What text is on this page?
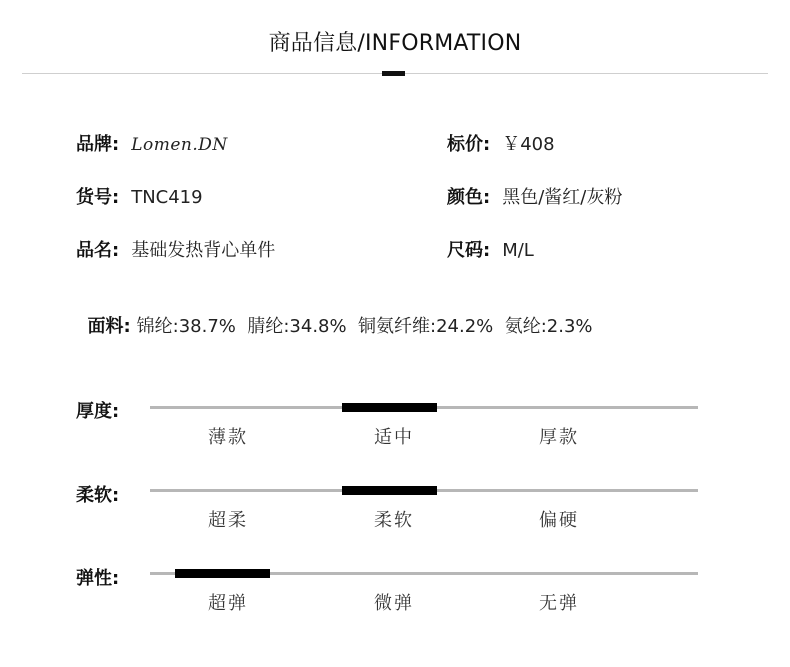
商品信息/INFORMATION
品牌: Lomen.DN	标价: ￥408
货号: TNC419	颜色: 黑色/酱红/灰粉
品名: 基础发热背心单件	尺码: M/L

面料: 锦纶:38.7%  腈纶:34.8%  铜氨纤维:24.2%  氨纶:2.3%

厚度:
薄款	适中	厚款
柔软:
超柔	柔软	偏硬
弹性:
超弹	微弹	无弹
